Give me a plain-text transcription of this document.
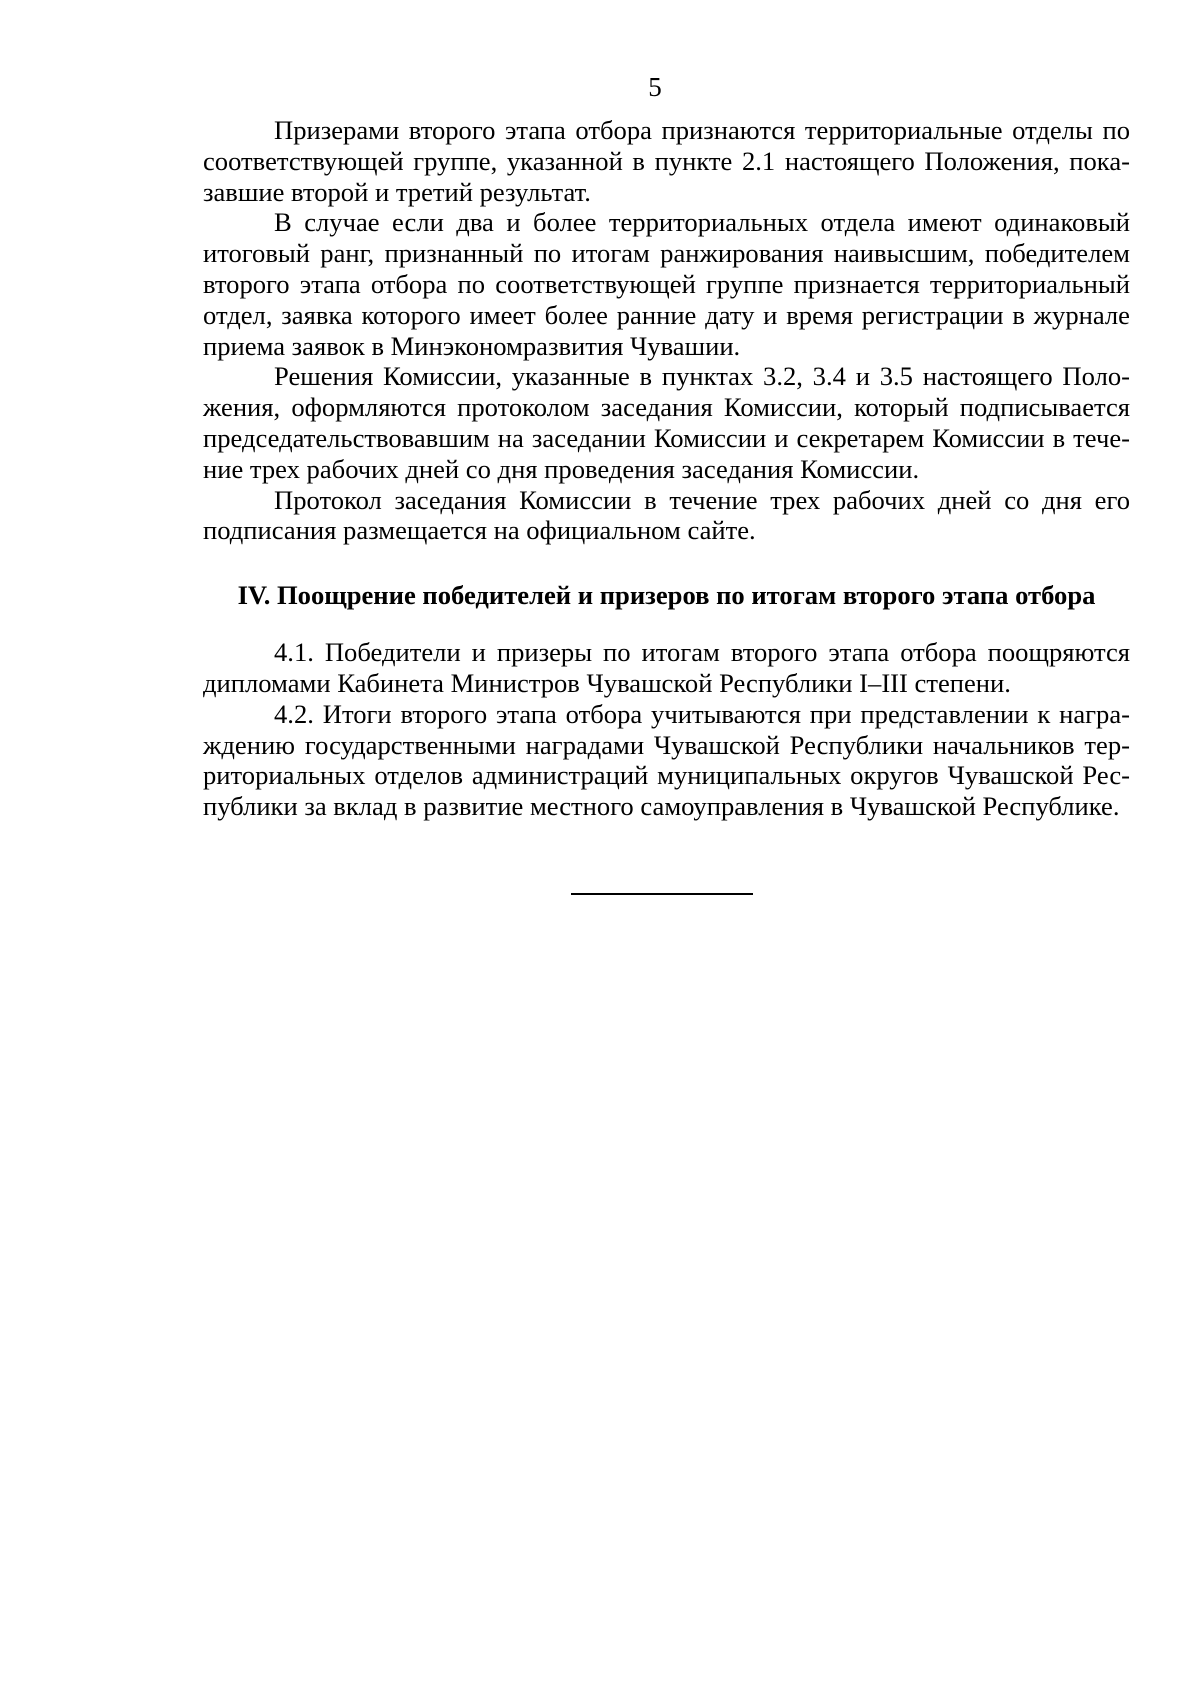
5

Призерами второго этапа отбора признаются территориальные отделы по соответствующей группе, указанной в пункте 2.1 настоящего Положения, показавшие второй и третий результат.

В случае если два и более территориальных отдела имеют одинаковый итоговый ранг, признанный по итогам ранжирования наивысшим, победителем второго этапа отбора по соответствующей группе признается территориальный отдел, заявка которого имеет более ранние дату и время регистрации в журнале приема заявок в Минэкономразвития Чувашии.

Решения Комиссии, указанные в пунктах 3.2, 3.4 и 3.5 настоящего Положения, оформляются протоколом заседания Комиссии, который подписывается председательствовавшим на заседании Комиссии и секретарем Комиссии в течение трех рабочих дней со дня проведения заседания Комиссии.

Протокол заседания Комиссии в течение трех рабочих дней со дня его подписания размещается на официальном сайте.

IV. Поощрение победителей и призеров по итогам второго этапа отбора

4.1. Победители и призеры по итогам второго этапа отбора поощряются дипломами Кабинета Министров Чувашской Республики I–III степени.

4.2. Итоги второго этапа отбора учитываются при представлении к награждению государственными наградами Чувашской Республики начальников территориальных отделов администраций муниципальных округов Чувашской Республики за вклад в развитие местного самоуправления в Чувашской Республике.
